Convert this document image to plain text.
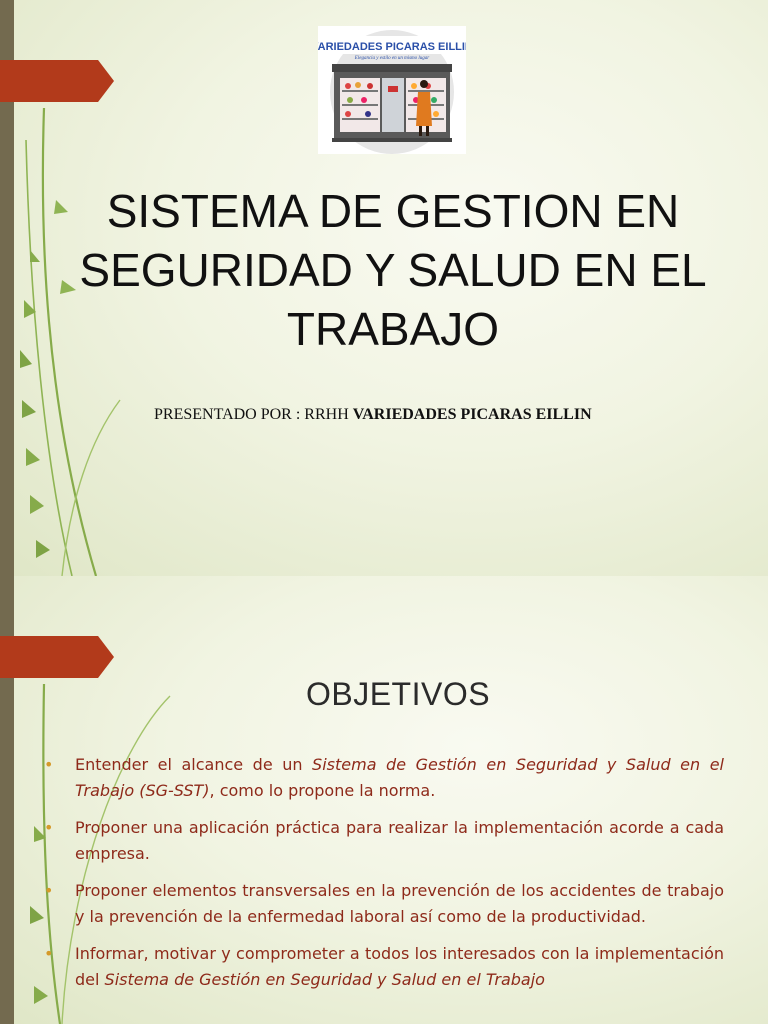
VARIEDADES PICARAS EILLIN
Elegancia y estilo en un mismo lugar
SISTEMA DE GESTION EN SEGURIDAD Y SALUD EN EL TRABAJO
PRESENTADO POR : RRHH VARIEDADES PICARAS EILLIN
OBJETIVOS
• Entender el alcance de un Sistema de Gestión en Seguridad y Salud en el Trabajo (SG-SST), como lo propone la norma.
• Proponer una aplicación práctica para realizar la implementación acorde a cada empresa.
• Proponer elementos transversales en la prevención de los accidentes de trabajo y la prevención de la enfermedad laboral así como de la productividad.
• Informar, motivar y comprometer a todos los interesados con la implementación del Sistema de Gestión en Seguridad y Salud en el Trabajo
